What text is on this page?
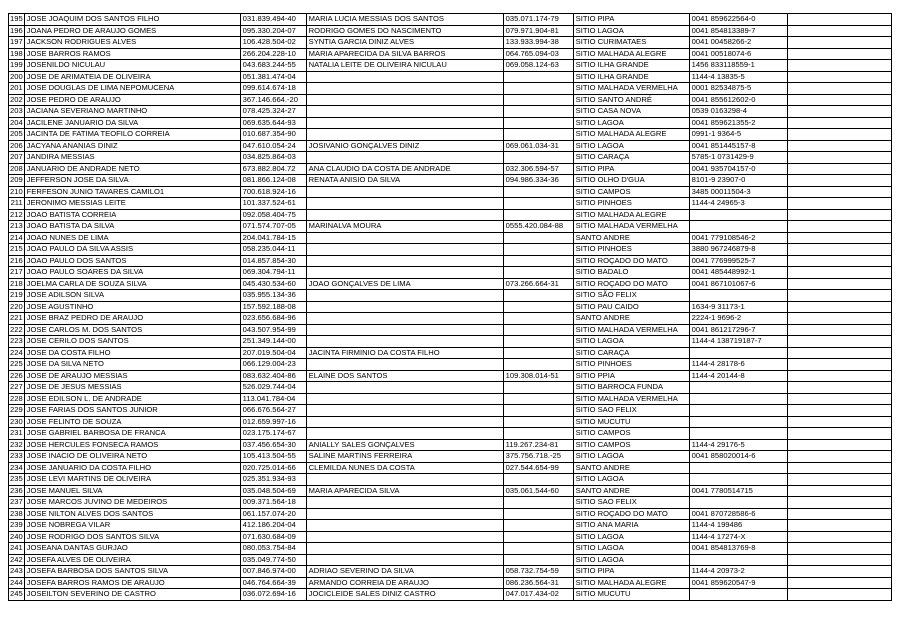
195	JOSE JOAQUIM DOS SANTOS FILHO	031.839.494-40	MARIA LUCIA MESSIAS DOS SANTOS	035.071.174-79	SITIO PIPA	0041 859622564-0	
196	JOANA PEDRO DE ARAUJO GOMES	095.330.204-07	RODRIGO GOMES DO NASCIMENTO	079.971.904-81	SITIO LAGOA	0041 854813389-7	
197	JACKSON RODRIGUES ALVES	106.428.504-02	SYNTIA GARCIA DINIZ ALVES	133.933.994-38	SITIO CURIMATAES	0041 00458266-2	
198	JOSE BARROS RAMOS	266.204.228-10	MARIA APARECIDA DA SILVA BARROS	064.765.094-03	SITIO MALHADA ALEGRE	0041 00518074-6	
199	JOSENILDO NICULAU	043.683.244-55	NATALIA LEITE DE OLIVEIRA NICULAU	069.058.124-63	SITIO ILHA GRANDE	1456 833118559-1	
200	JOSE DE ARIMATEIA DE OLIVEIRA	051.381.474-04			SITIO ILHA GRANDE	1144-4 13835-5	
201	JOSE DOUGLAS DE LIMA NEPOMUCENA	099.614.674-18			SITIO MALHADA VERMELHA	0001 82534875-5	
202	JOSE PEDRO DE ARAUJO	367.146.664.-20			SITIO SANTO ANDRÉ	0041 855612602-0	
203	JACIANA SEVERIANO MARTINHO	078.425.324-27			SITIO CASA NOVA	0539 0163298-4	
204	JACILENE JANUARIO DA SILVA	069.635.644-93			SITIO LAGOA	0041 859621355-2	
205	JACINTA DE FATIMA TEOFILO CORREIA	010.687.354-90			SITIO MALHADA ALEGRE	0991-1 9364-5	
206	JACYANA ANANIAS DINIZ	047.610.054-24	JOSIVANIO GONÇALVES DINIZ	069.061.034-31	SITIO LAGOA	0041 851445157-8	
207	JANDIRA MESSIAS	034.825.864-03			SITIO CARAÇA	5785-1 0731429-9	
208	JANUARIO DE ANDRADE NETO	673.882.804.72	ANA CLAUDIO DA COSTA DE ANDRADE	032.306.594-57	SITIO PIPA	0041 935704157-0	
209	JEFFERSON JOSE DA SILVA	081.866.124-08	RENATA ANISIO DA SILVA	094.986.334-36	SITIO OLHO D'GUA	8101-9 23907-0	
210	FERFESON JUNIO TAVARES CAMILO1	700.618.924-16			SITIO CAMPOS	3485 00011504-3	
211	JERONIMO MESSIAS LEITE	101.337.524-61			SITIO PINHOES	1144-4 24965-3	
212	JOAO BATISTA CORREIA	092.058.404-75			SITIO MALHADA ALEGRE		
213	JOAO BATISTA DA SILVA	071.574.707-05	MARINALVA MOURA	0555.420.084-88	SITIO MALHADA VERMELHA		
214	JOAO NUNES DE LIMA	204.041.784-15			SANTO ANDRE	0041 779108546-2	
215	JOAO PAULO DA SILVA ASSIS	058.235.044-11			SITIO PINHOES	3880 967246879-8	
216	JOAO PAULO DOS SANTOS	014.857.854-30			SITIO ROÇADO DO MATO	0041 776999525-7	
217	JOAO PAULO SOARES DA SILVA	069.304.794-11			SITIO BADALO	0041 485448992-1	
218	JOELMA CARLA DE SOUZA SILVA	045.430.534-60	JOAO GONÇALVES DE LIMA	073.266.664-31	SITIO ROÇADO DO MATO	0041 867101067-6	
219	JOSE ADILSON SILVA	035.955.134-36			SITIO SÃO FELIX		
220	JOSE AGUSTINHO	157.592.188-08			SITIO PAU CAIDO	1634-9 31173-1	
221	JOSE BRAZ PEDRO DE ARAUJO	023.656.684-96			SANTO ANDRE	2224-1 9696-2	
222	JOSE CARLOS M. DOS SANTOS	043.507.954-99			SITIO MALHADA VERMELHA	0041 861217296-7	
223	JOSE CERILO DOS SANTOS	251.349.144-00			SITIO LAGOA	1144-4 138719187-7	
224	JOSE DA COSTA FILHO	207.019.504-04	JACINTA FIRMINIO DA COSTA FILHO		SITIO CARAÇA		
225	JOSE DA SILVA NETO	066.129.004-23			SITIO PINHOES	1144-4 28178-6	
226	JOSE DE ARAUJO MESSIAS	083.632.404-86	ELAINE DOS SANTOS	109.308.014-51	SITIO PPIA	1144-4 20144-8	
227	JOSE DE JESUS MESSIAS	526.029.744-04			SITIO BARROCA FUNDA		
228	JOSE EDILSON L. DE ANDRADE	113.041.784-04			SITIO MALHADA VERMELHA		
229	JOSE FARIAS DOS SANTOS JUNIOR	066.676.564-27			SITIO SAO FELIX		
230	JOSE FELINTO DE SOUZA	012.659.997-16			SITIO MUCUTU		
231	JOSE GABRIEL BARBOSA DE FRANCA	023.175.174-67			SITIO CAMPOS		
232	JOSE HERCULES FONSECA RAMOS	037.456.654-30	ANIALLY SALES GONÇALVES	119.267.234-81	SITIO CAMPOS	1144-4 29176-5	
233	JOSE INACIO DE OLIVEIRA NETO	105.413.504-55	SALINE MARTINS FERREIRA	375.756.718.-25	SITIO LAGOA	0041 858020014-6	
234	JOSE JANUARIO DA COSTA FILHO	020.725.014-66	CLEMILDA NUNES DA COSTA	027.544.654-99	SANTO ANDRE		
235	JOSE LEVI MARTINS DE OLIVEIRA	025.351.934-93			SITIO LAGOA		
236	JOSE MANUEL SILVA	035.048.504-69	MARIA APARECIDA SILVA	035.061.544-60	SANTO ANDRE	0041 7780514715	
237	JOSE MARCOS JUVINO DE MEDEIROS	009.371.564-18			SITIO SAO FELIX		
238	JOSE NILTON ALVES DOS SANTOS	061.157.074-20			SITIO ROÇADO DO MATO	0041 870728586-6	
239	JOSE NOBREGA VILAR	412.186.204-04			SITIO ANA MARIA	1144-4 199486	
240	JOSE RODRIGO DOS SANTOS SILVA	071.630.684-09			SITIO LAGOA	1144-4 17274-X	
241	JOSEANA DANTAS GURJAO	080.053.754-84			SITIO LAGOA	0041 854813769-8	
242	JOSEFA ALVES DE OLIVEIRA	035.049.774-50			SITIO LAGOA		
243	JOSEFA BARBOSA DOS SANTOS SILVA	007.846.974-00	ADRIAO SEVERINO DA SILVA	058.732.754-59	SITIO PIPA	1144-4 20973-2	
244	JOSEFA BARROS RAMOS DE ARAUJO	046.764.664-39	ARMANDO CORREIA DE ARAUJO	086.236.564-31	SITIO MALHADA ALEGRE	0041 859620547-9	
245	JOSEILTON SEVERINO DE CASTRO	036.072.694-16	JOCICLEIDE SALES DINIZ CASTRO	047.017.434-02	SITIO MUCUTU		
